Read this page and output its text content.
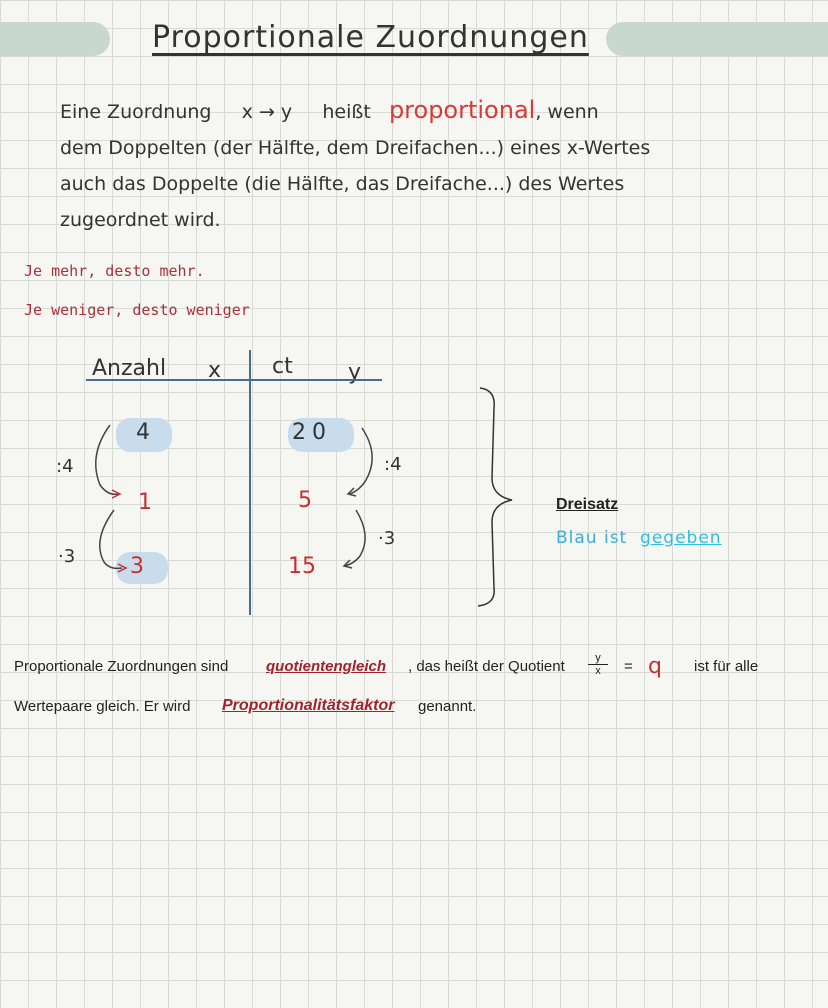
Proportionale Zuordnungen
Eine Zuordnung x → y heißt proportional, wenn
dem Doppelten (der Hälfte, dem Dreifachen...) eines x-Wertes
auch das Doppelte (die Hälfte, das Dreifache...) des Wertes
zugeordnet wird.
Je mehr, desto mehr.
Je weniger, desto weniger
Anzahl x ct	y
4
1
3
20
5
15
:4
·3
:4
·3
Dreisatz
Blau ist gegeben
Proportionale Zuordnungen sind	quotientengleich , das heißt der Quotient $\frac{y}{x} = q$ ist für alle
Wertepaare gleich. Er wird Proportionalitätsfaktor genannt.
